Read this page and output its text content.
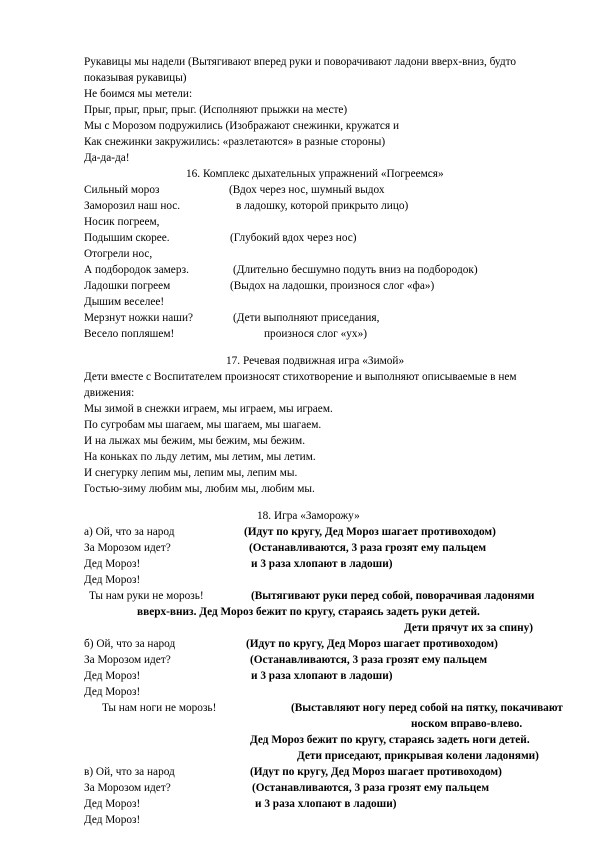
Рукавицы мы надели (Вытягивают вперед руки и поворачивают ладони вверх-вниз, будто
показывая рукавицы)
Не боимся мы метели:
Прыг, прыг, прыг, прыг. (Исполняют прыжки на месте)
Мы с Морозом подружились (Изображают снежинки, кружатся и
Как снежинки закружились: «разлетаются» в разные стороны)
Да-да-да!
16. Комплекс дыхательных упражнений «Погреемся»
Сильный мороз	(Вдох через нос, шумный выдох
Заморозил наш нос.	в ладошку, которой прикрыто лицо)
Носик погреем,
Подышим скорее.	(Глубокий вдох через нос)
Отогрели нос,
А подбородок замерз.	(Длительно бесшумно подуть вниз на подбородок)
Ладошки погреем	(Выдох на ладошки, произнося слог «фа»)
Дышим веселее!
Мерзнут ножки наши?	(Дети выполняют приседания,
Весело попляшем!	произнося слог «ух»)
17. Речевая подвижная игра «Зимой»
Дети вместе с Воспитателем произносят стихотворение и выполняют описываемые в нем
движения:
Мы зимой в снежки играем, мы играем, мы играем.
По сугробам мы шагаем, мы шагаем, мы шагаем.
И на лыжах мы бежим, мы бежим, мы бежим.
На коньках по льду летим, мы летим, мы летим.
И снегурку лепим мы, лепим мы, лепим мы.
Гостью-зиму любим мы, любим мы, любим мы.
18. Игра «Заморожу»
а) Ой, что за народ	(Идут по кругу, Дед Мороз шагает противоходом)
За Морозом идет?	(Останавливаются, 3 раза грозят ему пальцем
Дед Мороз!	и 3 раза хлопают в ладоши)
Дед Мороз!
Ты нам руки не морозь!	(Вытягивают руки перед собой, поворачивая ладонями
вверх-вниз. Дед Мороз бежит по кругу, стараясь задеть руки детей.
Дети прячут их за спину)
б) Ой, что за народ	(Идут по кругу, Дед Мороз шагает противоходом)
За Морозом идет?	(Останавливаются, 3 раза грозят ему пальцем
Дед Мороз!	и 3 раза хлопают в ладоши)
Дед Мороз!
Ты нам ноги не морозь!	(Выставляют ногу перед собой на пятку, покачивают
носком вправо-влево.
Дед Мороз бежит по кругу, стараясь задеть ноги детей.
Дети приседают, прикрывая колени ладонями)
в) Ой, что за народ	(Идут по кругу, Дед Мороз шагает противоходом)
За Морозом идет?	(Останавливаются, 3 раза грозят ему пальцем
Дед Мороз!	и 3 раза хлопают в ладоши)
Дед Мороз!
